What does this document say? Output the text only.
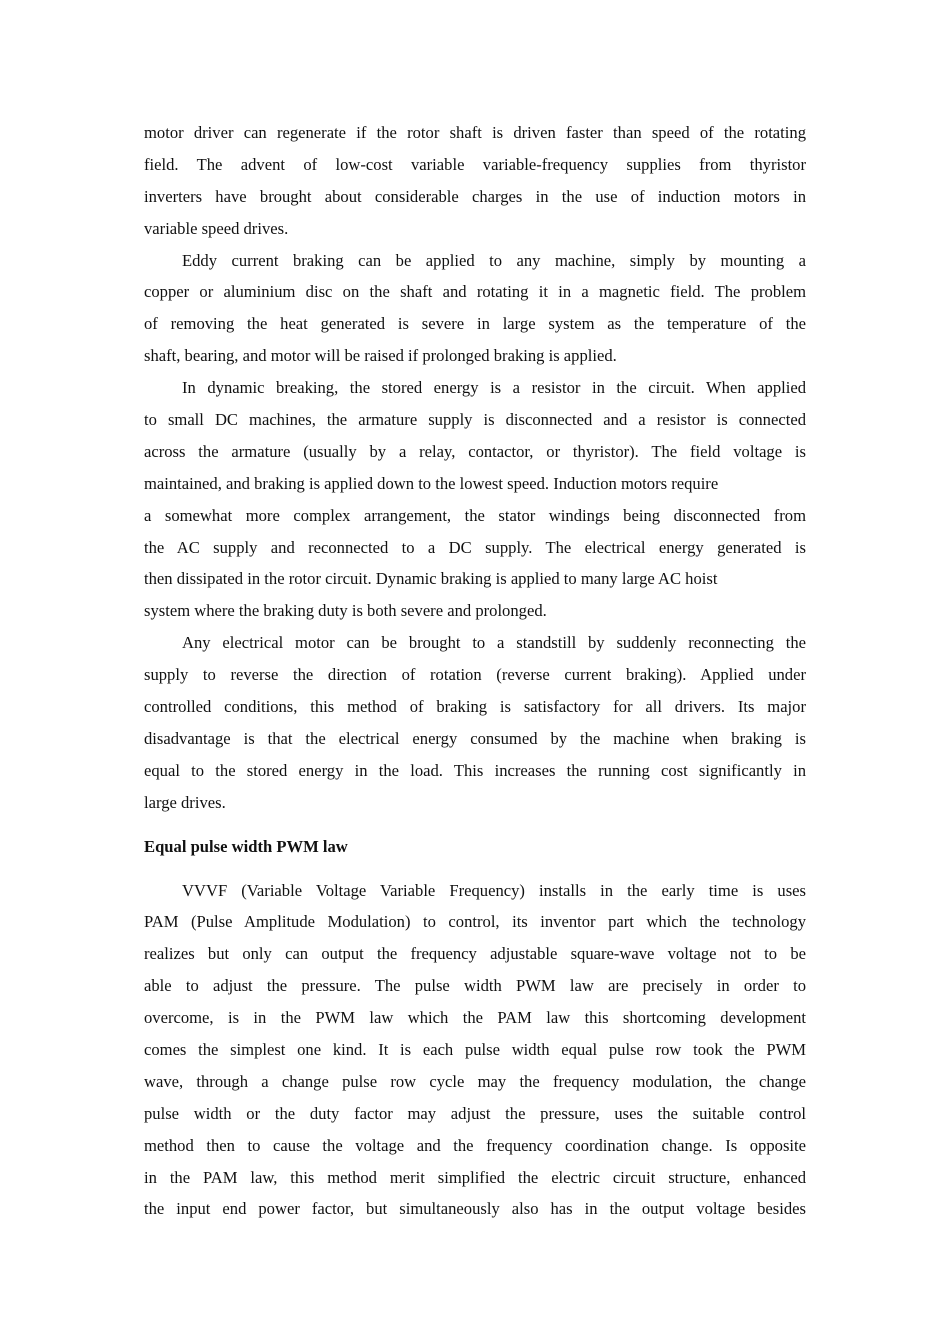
motor driver can regenerate if the rotor shaft is driven faster than speed of the rotating
field. The advent of low-cost variable variable-frequency supplies from thyristor
inverters have brought about considerable charges in the use of induction motors in
variable speed drives.
Eddy current braking can be applied to any machine, simply by mounting a
copper or aluminium disc on the shaft and rotating it in a magnetic field. The problem
of removing the heat generated is severe in large system as the temperature of the
shaft, bearing, and motor will be raised if prolonged braking is applied.
In dynamic breaking, the stored energy is a resistor in the circuit. When applied
to small DC machines, the armature supply is disconnected and a resistor is connected
across the armature (usually by a relay, contactor, or thyristor). The field voltage is
maintained, and braking is applied down to the lowest speed. Induction motors require
a somewhat more complex arrangement, the stator windings being disconnected from
the AC supply and reconnected to a DC supply. The electrical energy generated is
then dissipated in the rotor circuit. Dynamic braking is applied to many large AC hoist
system where the braking duty is both severe and prolonged.
Any electrical motor can be brought to a standstill by suddenly reconnecting the
supply to reverse the direction of rotation (reverse current braking). Applied under
controlled conditions, this method of braking is satisfactory for all drivers. Its major
disadvantage is that the electrical energy consumed by the machine when braking is
equal to the stored energy in the load. This increases the running cost significantly in
large drives.
Equal pulse width PWM law
VVVF (Variable Voltage Variable Frequency) installs in the early time is uses
PAM (Pulse Amplitude Modulation) to control, its inventor part which the technology
realizes but only can output the frequency adjustable square-wave voltage not to be
able to adjust the pressure. The pulse width PWM law are precisely in order to
overcome, is in the PWM law which the PAM law this shortcoming development
comes the simplest one kind. It is each pulse width equal pulse row took the PWM
wave, through a change pulse row cycle may the frequency modulation, the change
pulse width or the duty factor may adjust the pressure, uses the suitable control
method then to cause the voltage and the frequency coordination change. Is opposite
in the PAM law, this method merit simplified the electric circuit structure, enhanced
the input end power factor, but simultaneously also has in the output voltage besides
